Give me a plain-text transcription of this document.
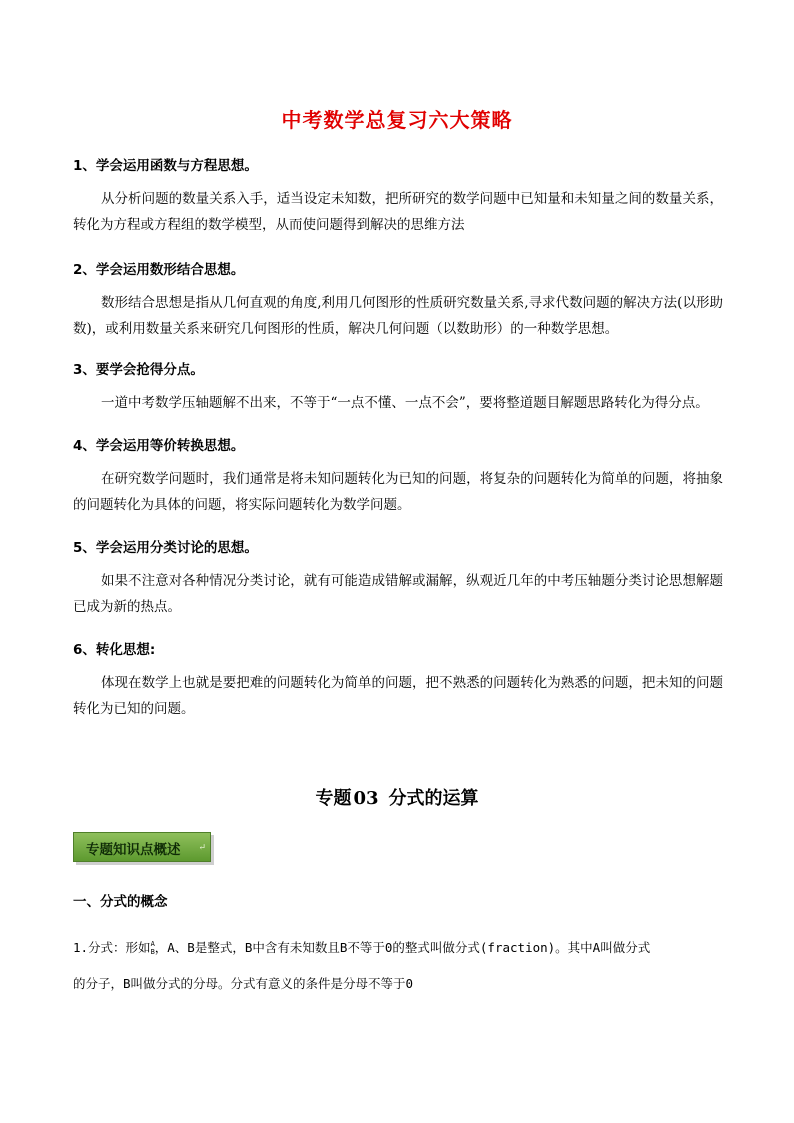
中考数学总复习六大策略
1、学会运用函数与方程思想。
从分析问题的数量关系入手，适当设定未知数，把所研究的数学问题中已知量和未知量之间的数量关系，转化为方程或方程组的数学模型，从而使问题得到解决的思维方法
2、学会运用数形结合思想。
数形结合思想是指从几何直观的角度,利用几何图形的性质研究数量关系,寻求代数问题的解决方法(以形助数)，或利用数量关系来研究几何图形的性质，解决几何问题（以数助形）的一种数学思想。
3、要学会抢得分点。
一道中考数学压轴题解不出来，不等于“一点不懂、一点不会”，要将整道题目解题思路转化为得分点。
4、学会运用等价转换思想。
在研究数学问题时，我们通常是将未知问题转化为已知的问题，将复杂的问题转化为简单的问题，将抽象的问题转化为具体的问题，将实际问题转化为数学问题。
5、学会运用分类讨论的思想。
如果不注意对各种情况分类讨论，就有可能造成错解或漏解，纵观近几年的中考压轴题分类讨论思想解题已成为新的热点。
6、转化思想:
体现在数学上也就是要把难的问题转化为简单的问题，把不熟悉的问题转化为熟悉的问题，把未知的问题转化为已知的问题。
专题 03 分式的运算
专题知识点概述 ↵
一、分式的概念
1.分式：形如 A
B ，A、B是整式，B中含有未知数且B不等于0的整式叫做分式(fraction)。其中A叫做分式
的分子，B叫做分式的分母。分式有意义的条件是分母不等于0
